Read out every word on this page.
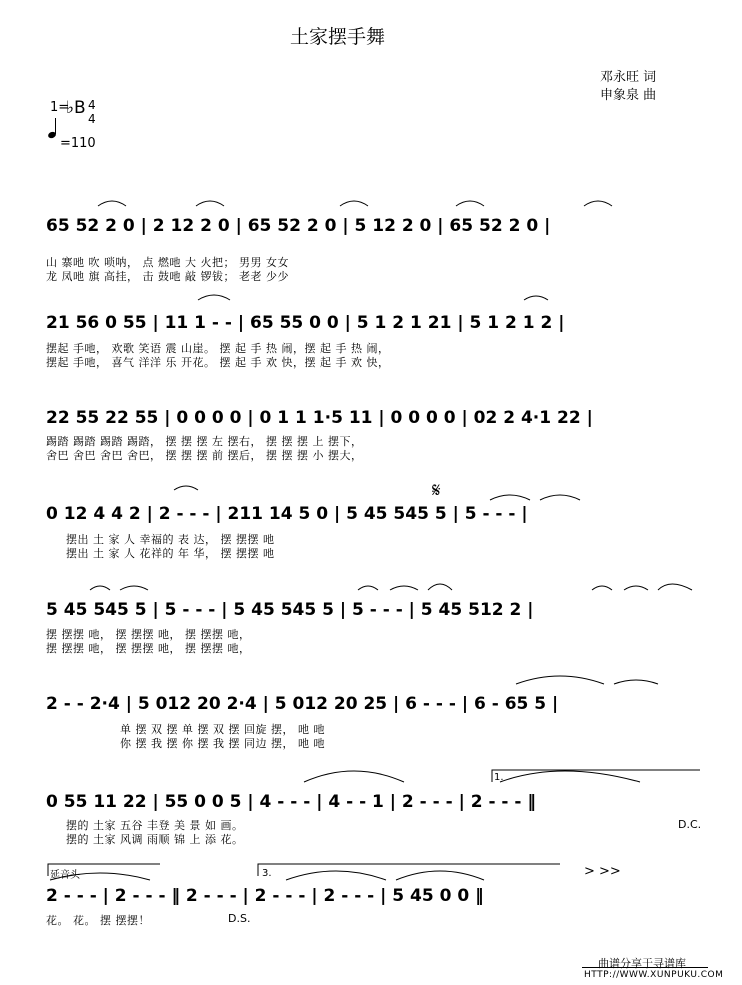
土家摆手舞
邓永旺 词
申象泉 曲
1=
♭B 4
4
=110
65 52 2 0 | 2 12 2 0 | 65 52 2 0 | 5 12 2 0 | 65 52 2 0 |
山 寨吔 吹 唢呐， 点 燃吔 大 火把； 男男 女女
龙 凤吔 旗 高挂， 击 鼓吔 敲 锣钹； 老老 少少
21 56 0 55 | 11 1 - - | 65 55 0 0 | 5 1 2 1 21 | 5 1 2 1 2 |
摆起 手吔， 欢歌 笑语 震 山崖。 摆 起 手 热 闹，摆 起 手 热 闹，
摆起 手吔， 喜气 洋洋 乐 开花。 摆 起 手 欢 快，摆 起 手 欢 快，
22 55 22 55 | 0 0 0 0 | 0 1 1 1·5 11 | 0 0 0 0 | 02 2 4·1 22 |
踢踏 踢踏 踢踏 踢踏， 摆 摆 摆 左 摆右， 摆 摆 摆 上 摆下，
舍巴 舍巴 舍巴 舍巴， 摆 摆 摆 前 摆后， 摆 摆 摆 小 摆大，
𝄋
0 12 4 4 2 | 2 - - - | 211 14 5 0 | 5 45 545 5 | 5 - - - |
摆出 土 家 人 幸福的 表 达， 摆 摆摆 吔
摆出 土 家 人 花祥的 年 华， 摆 摆摆 吔
5 45 545 5 | 5 - - - | 5 45 545 5 | 5 - - - | 5 45 512 2 |
摆 摆摆 吔， 摆 摆摆 吔， 摆 摆摆 吔，
摆 摆摆 吔， 摆 摆摆 吔， 摆 摆摆 吔，
2 - - 2·4 | 5 012 20 2·4 | 5 012 20 25 | 6 - - - | 6 - 65 5 |
单 摆 双 摆 单 摆 双 摆 回旋 摆， 吔 吔
你 摆 我 摆 你 摆 我 摆 同边 摆， 吔 吔
1.
0 55 11 22 | 55 0 0 5 | 4 - - - | 4 - - 1 | 2 - - - | 2 - - - ‖
摆的 土家 五谷 丰登 美 景 如 画。
摆的 土家 风调 雨顺 锦 上 添 花。
D.C.
延音头	3.	> >>
2 - - - | 2 - - - ‖ 2 - - - | 2 - - - | 2 - - - | 5 45 0 0 ‖
花。 花。 摆 摆摆！	D.S.
曲谱分享于寻谱库
HTTP://WWW.XUNPUKU.COM
